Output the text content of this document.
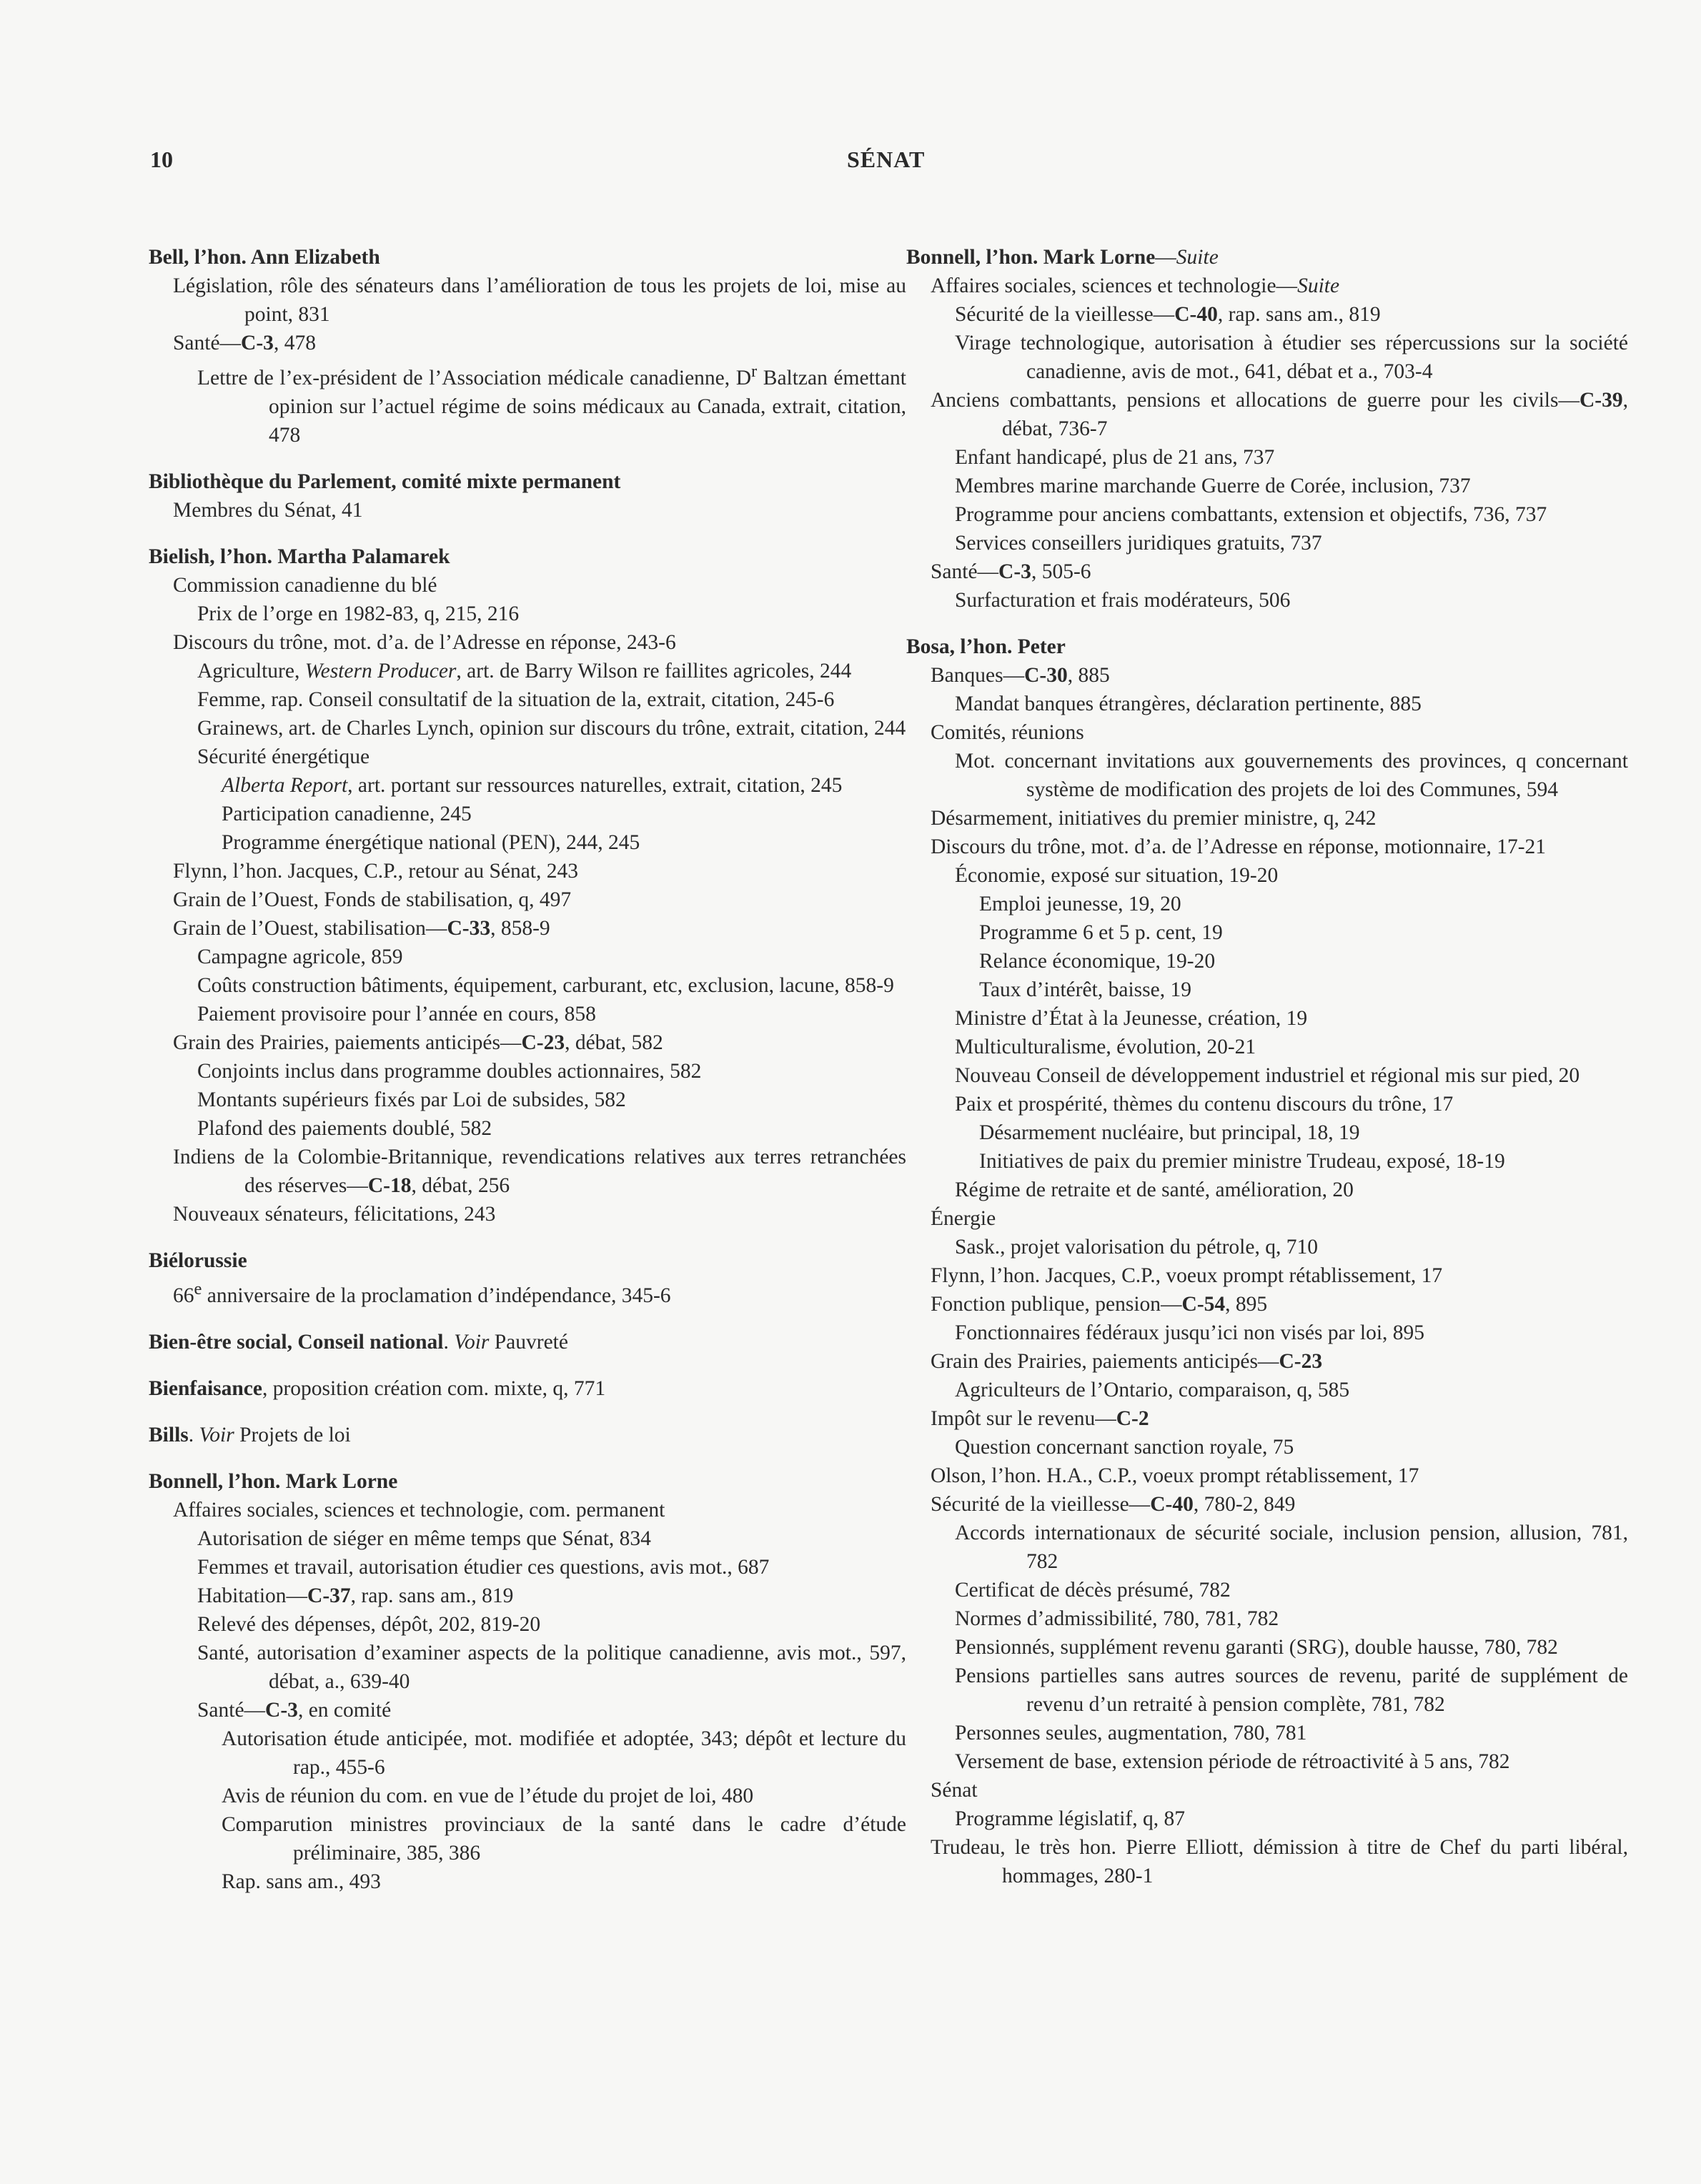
10	SÉNAT
Bell, l’hon. Ann Elizabeth
Législation, rôle des sénateurs dans l’amélioration de tous les projets de loi, mise au point, 831
Santé—C-3, 478
Lettre de l’ex-président de l’Association médicale canadienne, $D^r$ Baltzan émettant opinion sur l’actuel régime de soins médicaux au Canada, extrait, citation, 478
Bibliothèque du Parlement, comité mixte permanent
Membres du Sénat, 41
Bielish, l’hon. Martha Palamarek
Commission canadienne du blé
Prix de l’orge en 1982-83, q, 215, 216
Discours du trône, mot. d’a. de l’Adresse en réponse, 243-6
Agriculture, Western Producer, art. de Barry Wilson re faillites agricoles, 244
Femme, rap. Conseil consultatif de la situation de la, extrait, citation, 245-6
Grainews, art. de Charles Lynch, opinion sur discours du trône, extrait, citation, 244
Sécurité énergétique
Alberta Report, art. portant sur ressources naturelles, extrait, citation, 245
Participation canadienne, 245
Programme énergétique national (PEN), 244, 245
Flynn, l’hon. Jacques, C.P., retour au Sénat, 243
Grain de l’Ouest, Fonds de stabilisation, q, 497
Grain de l’Ouest, stabilisation—C-33, 858-9
Campagne agricole, 859
Coûts construction bâtiments, équipement, carburant, etc, exclusion, lacune, 858-9
Paiement provisoire pour l’année en cours, 858
Grain des Prairies, paiements anticipés—C-23, débat, 582
Conjoints inclus dans programme doubles actionnaires, 582
Montants supérieurs fixés par Loi de subsides, 582
Plafond des paiements doublé, 582
Indiens de la Colombie-Britannique, revendications relatives aux terres retranchées des réserves—C-18, débat, 256
Nouveaux sénateurs, félicitations, 243
Biélorussie
66e anniversaire de la proclamation d’indépendance, 345-6
Bien-être social, Conseil national. Voir Pauvreté
Bienfaisance, proposition création com. mixte, q, 771
Bills. Voir Projets de loi
Bonnell, l’hon. Mark Lorne
Affaires sociales, sciences et technologie, com. permanent
Autorisation de siéger en même temps que Sénat, 834
Femmes et travail, autorisation étudier ces questions, avis mot., 687
Habitation—C-37, rap. sans am., 819
Relevé des dépenses, dépôt, 202, 819-20
Santé, autorisation d’examiner aspects de la politique canadienne, avis mot., 597, débat, a., 639-40
Santé—C-3, en comité
Autorisation étude anticipée, mot. modifiée et adoptée, 343; dépôt et lecture du rap., 455-6
Avis de réunion du com. en vue de l’étude du projet de loi, 480
Comparution ministres provinciaux de la santé dans le cadre d’étude préliminaire, 385, 386
Rap. sans am., 493
Bonnell, l’hon. Mark Lorne—Suite
Affaires sociales, sciences et technologie—Suite
Sécurité de la vieillesse—C-40, rap. sans am., 819
Virage technologique, autorisation à étudier ses répercussions sur la société canadienne, avis de mot., 641, débat et a., 703-4
Anciens combattants, pensions et allocations de guerre pour les civils—C-39, débat, 736-7
Enfant handicapé, plus de 21 ans, 737
Membres marine marchande Guerre de Corée, inclusion, 737
Programme pour anciens combattants, extension et objectifs, 736, 737
Services conseillers juridiques gratuits, 737
Santé—C-3, 505-6
Surfacturation et frais modérateurs, 506
Bosa, l’hon. Peter
Banques—C-30, 885
Mandat banques étrangères, déclaration pertinente, 885
Comités, réunions
Mot. concernant invitations aux gouvernements des provinces, q concernant système de modification des projets de loi des Communes, 594
Désarmement, initiatives du premier ministre, q, 242
Discours du trône, mot. d’a. de l’Adresse en réponse, motionnaire, 17-21
Économie, exposé sur situation, 19-20
Emploi jeunesse, 19, 20
Programme 6 et 5 p. cent, 19
Relance économique, 19-20
Taux d’intérêt, baisse, 19
Ministre d’État à la Jeunesse, création, 19
Multiculturalisme, évolution, 20-21
Nouveau Conseil de développement industriel et régional mis sur pied, 20
Paix et prospérité, thèmes du contenu discours du trône, 17
Désarmement nucléaire, but principal, 18, 19
Initiatives de paix du premier ministre Trudeau, exposé, 18-19
Régime de retraite et de santé, amélioration, 20
Énergie
Sask., projet valorisation du pétrole, q, 710
Flynn, l’hon. Jacques, C.P., voeux prompt rétablissement, 17
Fonction publique, pension—C-54, 895
Fonctionnaires fédéraux jusqu’ici non visés par loi, 895
Grain des Prairies, paiements anticipés—C-23
Agriculteurs de l’Ontario, comparaison, q, 585
Impôt sur le revenu—C-2
Question concernant sanction royale, 75
Olson, l’hon. H.A., C.P., voeux prompt rétablissement, 17
Sécurité de la vieillesse—C-40, 780-2, 849
Accords internationaux de sécurité sociale, inclusion pension, allusion, 781, 782
Certificat de décès présumé, 782
Normes d’admissibilité, 780, 781, 782
Pensionnés, supplément revenu garanti (SRG), double hausse, 780, 782
Pensions partielles sans autres sources de revenu, parité de supplément de revenu d’un retraité à pension complète, 781, 782
Personnes seules, augmentation, 780, 781
Versement de base, extension période de rétroactivité à 5 ans, 782
Sénat
Programme législatif, q, 87
Trudeau, le très hon. Pierre Elliott, démission à titre de Chef du parti libéral, hommages, 280-1
